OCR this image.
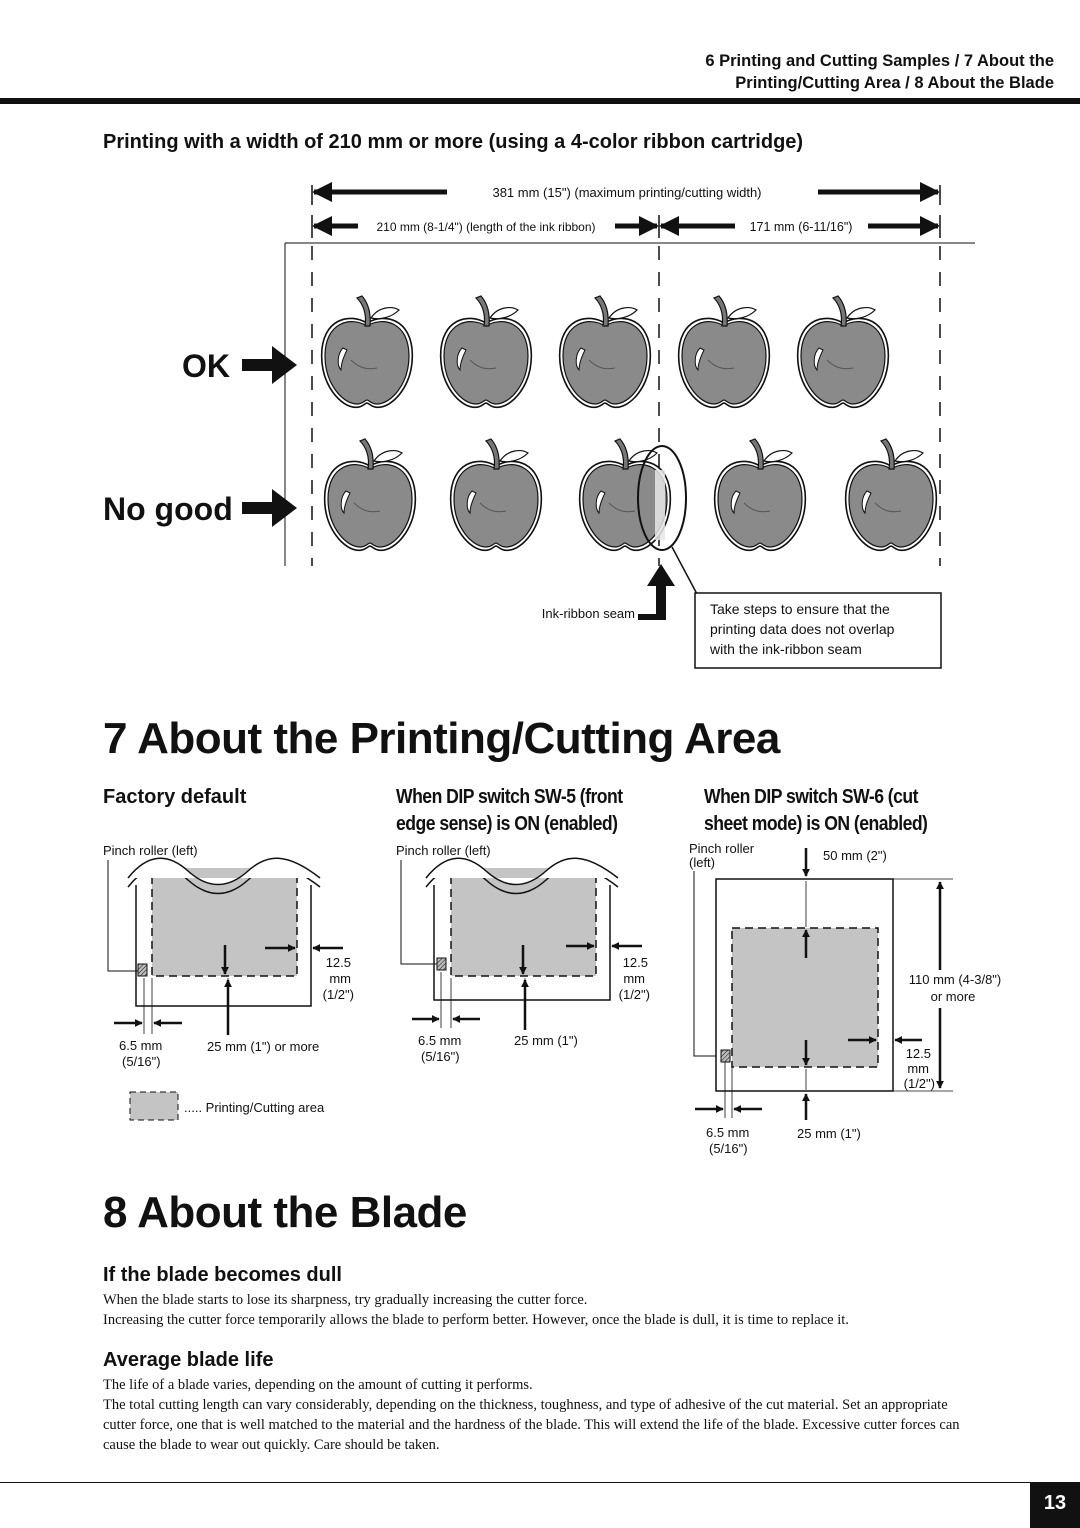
6 Printing and Cutting Samples / 7 About the
Printing/Cutting Area / 8 About the Blade
Printing with a width of 210 mm or more (using a 4-color ribbon cartridge)
381 mm (15") (maximum printing/cutting width)
210 mm (8-1/4") (length of the ink ribbon)	171 mm (6-11/16")
OK
No good
Ink-ribbon seam	Take steps to ensure that the
printing data does not overlap
with the ink-ribbon seam
7 About the Printing/Cutting Area
Factory default	When DIP switch SW-5 (front
edge sense) is ON (enabled)
When DIP switch SW-6 (cut
sheet mode) is ON (enabled)
Pinch roller (left)
12.5
mm
(1/2")
6.5 mm
(5/16")
25 mm (1") or more
..... Printing/Cutting area
Pinch roller (left)
12.5
mm
(1/2")
6.5 mm
(5/16")
25 mm (1")
Pinch roller
(left)	50 mm (2")
25 mm (1")
110 mm (4-3/8")
or more
12.5
mm
(1/2")
6.5 mm
(5/16")
8 About the Blade
If the blade becomes dull
When the blade starts to lose its sharpness, try gradually increasing the cutter force.
Increasing the cutter force temporarily allows the blade to perform better. However, once the blade is dull, it is time to replace it.
Average blade life
The life of a blade varies, depending on the amount of cutting it performs.
The total cutting length can vary considerably, depending on the thickness, toughness, and type of adhesive of the cut material. Set an appropriate cutter force, one that is well matched to the material and the hardness of the blade. This will extend the life of the blade. Excessive cutter forces can cause the blade to wear out quickly. Care should be taken.
13
